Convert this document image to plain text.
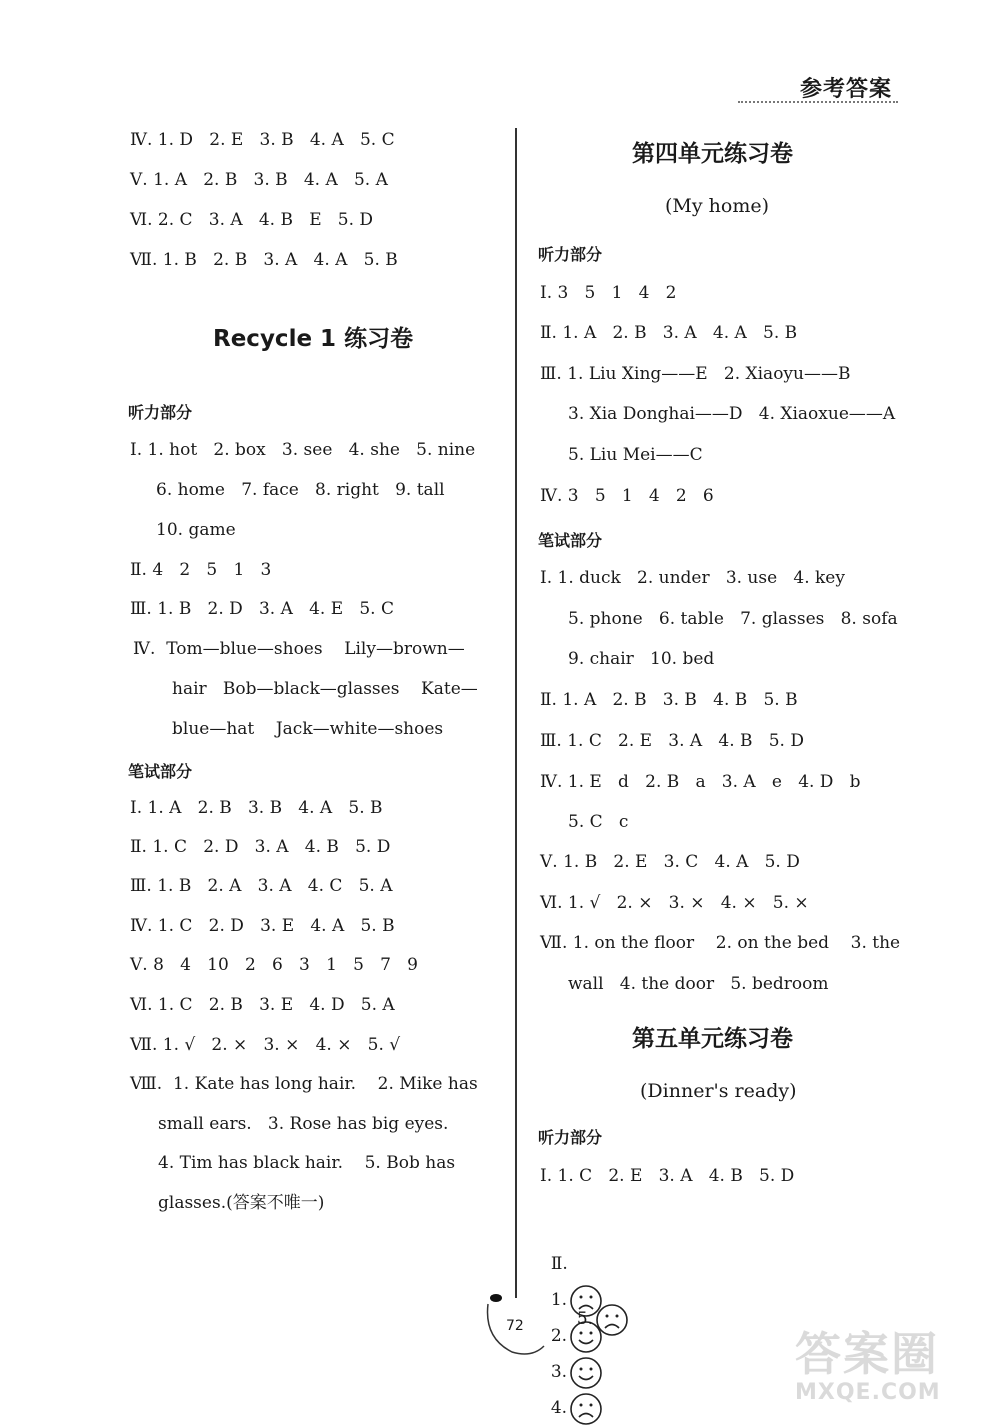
参考答案
Ⅳ. 1. D   2. E   3. B   4. A   5. C
Ⅴ. 1. A   2. B   3. B   4. A   5. A
Ⅵ. 2. C   3. A   4. B   E   5. D
Ⅶ. 1. B   2. B   3. A   4. A   5. B
Recycle 1 练习卷
听力部分
Ⅰ. 1. hot   2. box   3. see   4. she   5. nine
6. home   7. face   8. right   9. tall
10. game
Ⅱ. 4   2   5   1   3
Ⅲ. 1. B   2. D   3. A   4. E   5. C
Ⅳ.  Tom—blue—shoes    Lily—brown—
hair   Bob—black—glasses    Kate—
blue—hat    Jack—white—shoes
笔试部分
Ⅰ. 1. A   2. B   3. B   4. A   5. B
Ⅱ. 1. C   2. D   3. A   4. B   5. D
Ⅲ. 1. B   2. A   3. A   4. C   5. A
Ⅳ. 1. C   2. D   3. E   4. A   5. B
Ⅴ. 8   4   10   2   6   3   1   5   7   9
Ⅵ. 1. C   2. B   3. E   4. D   5. A
Ⅶ. 1. √   2. ×   3. ×   4. ×   5. √
Ⅷ.  1. Kate has long hair.    2. Mike has
small ears.   3. Rose has big eyes.
4. Tim has black hair.    5. Bob has
glasses.(答案不唯一)
第四单元练习卷
(My home)
听力部分
Ⅰ. 3   5   1   4   2
Ⅱ. 1. A   2. B   3. A   4. A   5. B
Ⅲ. 1. Liu Xing——E   2. Xiaoyu——B
3. Xia Donghai——D   4. Xiaoxue——A
5. Liu Mei——C
Ⅳ. 3   5   1   4   2   6
笔试部分
Ⅰ. 1. duck   2. under   3. use   4. key
5. phone   6. table   7. glasses   8. sofa
9. chair   10. bed
Ⅱ. 1. A   2. B   3. B   4. B   5. B
Ⅲ. 1. C   2. E   3. A   4. B   5. D
Ⅳ. 1. E   d   2. B   a   3. A   e   4. D   b
5. C   c
Ⅴ. 1. B   2. E   3. C   4. A   5. D
Ⅵ. 1. √   2. ×   3. ×   4. ×   5. ×
Ⅶ. 1. on the floor    2. on the bed    3. the
wall   4. the door   5. bedroom
第五单元练习卷
(Dinner's ready)
听力部分
Ⅰ. 1. C   2. E   3. A   4. B   5. D

Ⅱ.
1.
2.
3.
4.

5.

72
答案圈
MXQE.COM
